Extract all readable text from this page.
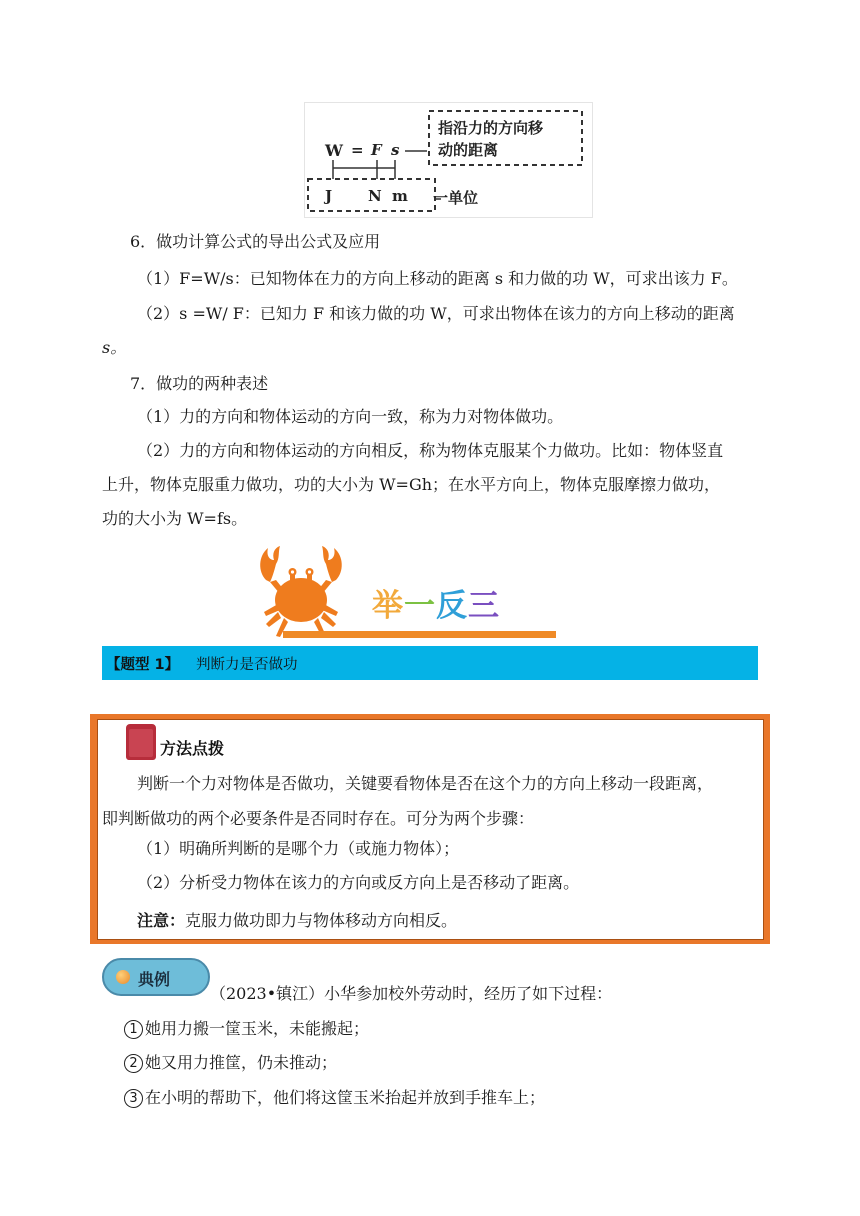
W = F s
指沿力的方向移
动的距离
J N m 一单位
6．做功计算公式的导出公式及应用
（1）F=W/s：已知物体在力的方向上移动的距离 s 和力做的功 W，可求出该力 F。
（2）s =W/ F：已知力 F 和该力做的功 W，可求出物体在该力的方向上移动的距离
s。
7．做功的两种表述
（1）力的方向和物体运动的方向一致，称为力对物体做功。
（2）力的方向和物体运动的方向相反，称为物体克服某个力做功。比如：物体竖直
上升，物体克服重力做功，功的大小为 W=Gh；在水平方向上，物体克服摩擦力做功，
功的大小为 W=fs。
举一反三
【题型 1】 判断力是否做功
方法点拨
判断一个力对物体是否做功，关键要看物体是否在这个力的方向上移动一段距离，
即判断做功的两个必要条件是否同时存在。可分为两个步骤：
（1）明确所判断的是哪个力（或施力物体）；
（2）分析受力物体在该力的方向或反方向上是否移动了距离。
注意：克服力做功即力与物体移动方向相反。
典例
（2023•镇江）小华参加校外劳动时，经历了如下过程：
1 她用力搬一筐玉米，未能搬起；
2 她又用力推筐，仍未推动；
3 在小明的帮助下，他们将这筐玉米抬起并放到手推车上；
